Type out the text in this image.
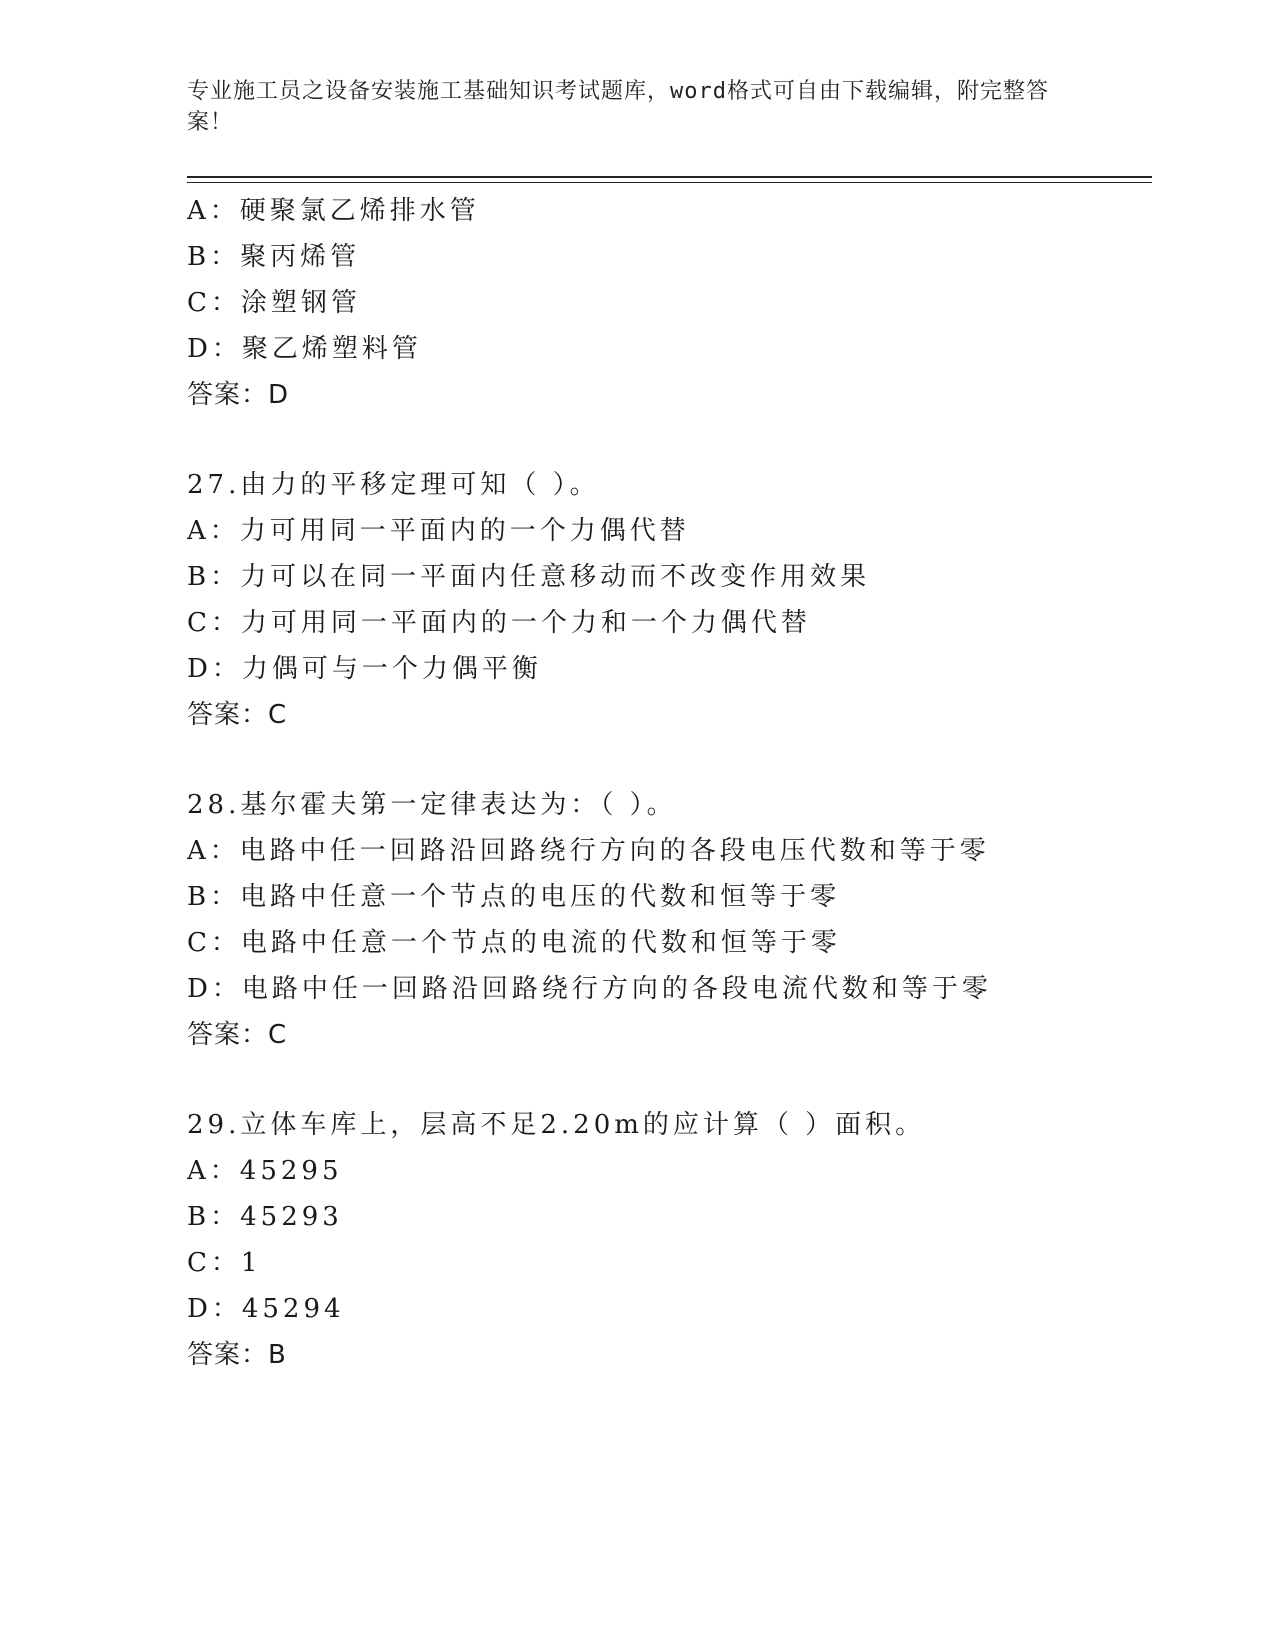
专业施工员之设备安装施工基础知识考试题库，word格式可自由下载编辑，附完整答案！
A：硬聚氯乙烯排水管
B：聚丙烯管
C：涂塑钢管
D：聚乙烯塑料管
答案：D
27.由力的平移定理可知（ ）。
A：力可用同一平面内的一个力偶代替
B：力可以在同一平面内任意移动而不改变作用效果
C：力可用同一平面内的一个力和一个力偶代替
D：力偶可与一个力偶平衡
答案：C
28.基尔霍夫第一定律表达为：（ ）。
A：电路中任一回路沿回路绕行方向的各段电压代数和等于零
B：电路中任意一个节点的电压的代数和恒等于零
C：电路中任意一个节点的电流的代数和恒等于零
D：电路中任一回路沿回路绕行方向的各段电流代数和等于零
答案：C
29.立体车库上，层高不足2.20m的应计算（ ）面积。
A：45295
B：45293
C：1
D：45294
答案：B
